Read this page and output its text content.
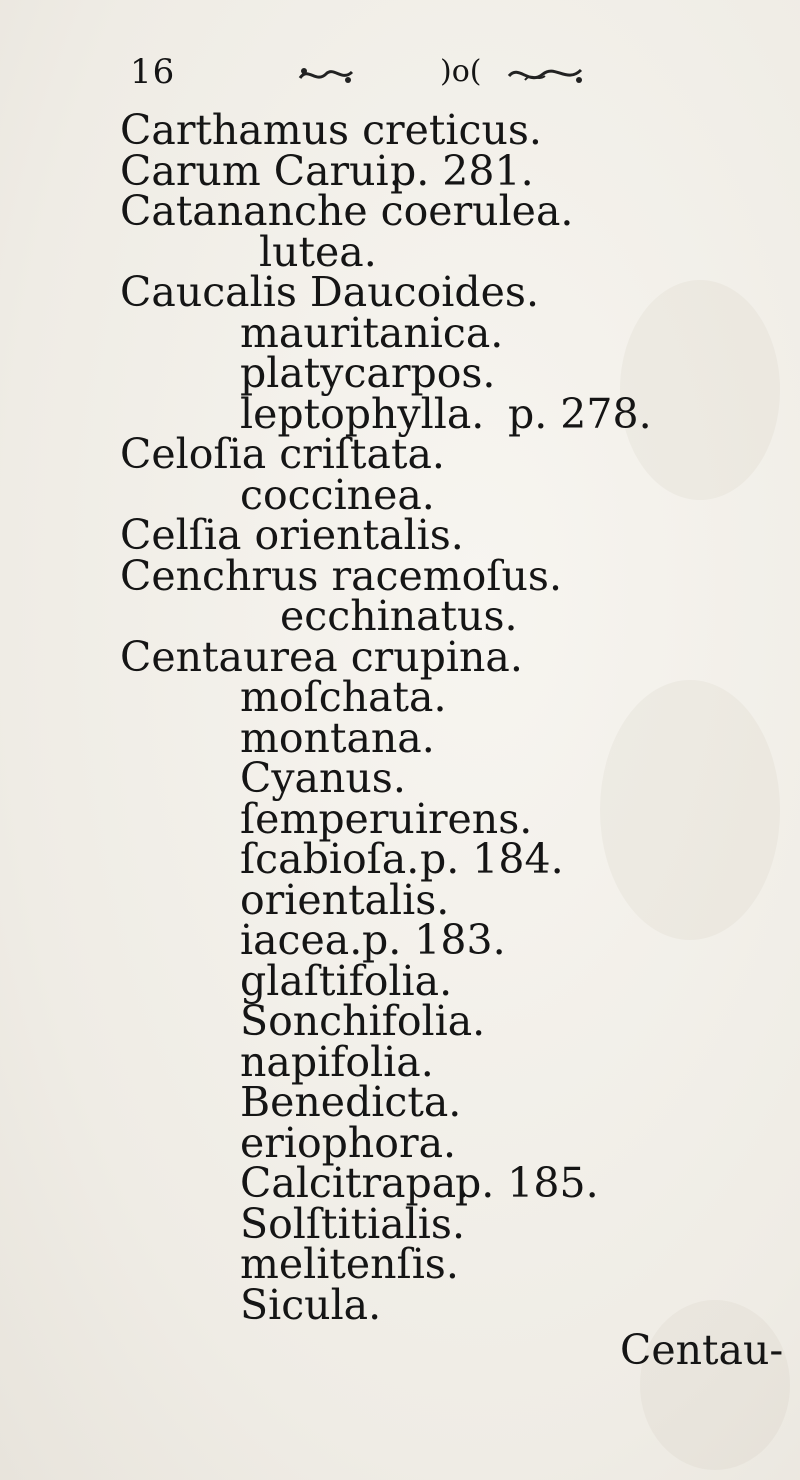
16	)o(
Carthamus creticus.
Carum Carui.
p. 281.
Catananche coerulea.
lutea.
Caucalis Daucoides.
mauritanica.
platycarpos.
leptophylla. p. 278.
Celoſia criſtata.
coccinea.
Celſia orientalis.
Cenchrus racemoſus.
ecchinatus.
Centaurea crupina.
moſchata.
montana.
Cyanus.
ſemperuirens.
ſcabioſa. p. 184.
orientalis.
iacea. p. 183.
glaſtifolia.
Sonchifolia.
napifolia.
Benedicta.
eriophora.
Calcitrapa.
p. 185.
Solſtitialis.
melitenſis.
Sicula.
Centau-
